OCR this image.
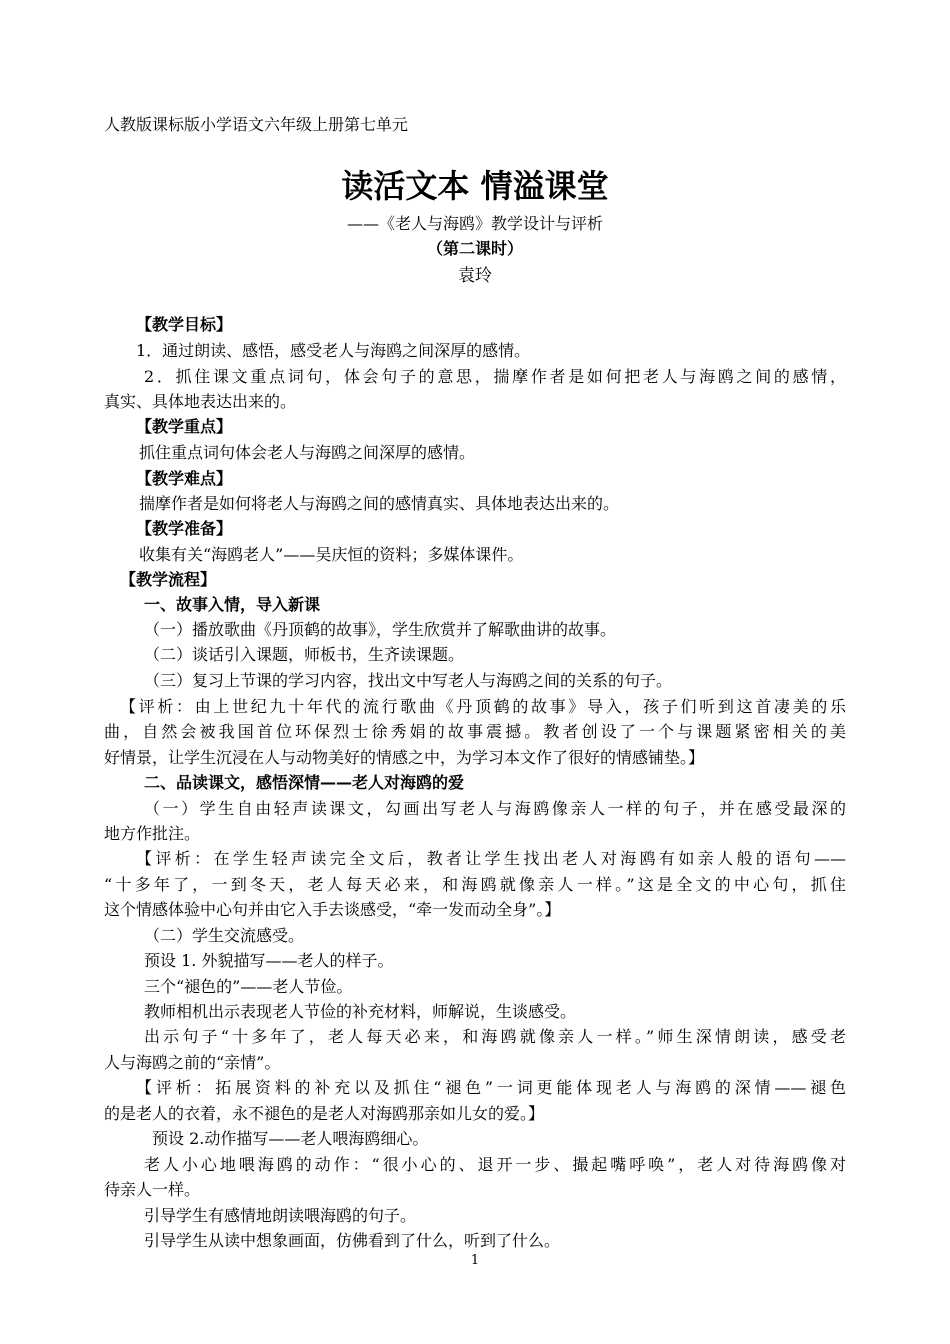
人教版课标版小学语文六年级上册第七单元
读活文本 情溢课堂
——《老人与海鸥》教学设计与评析
（第二课时）
袁玲
【教学目标】
1．通过朗读、感悟，感受老人与海鸥之间深厚的感情。
2．抓住课文重点词句，体会句子的意思，揣摩作者是如何把老人与海鸥之间的感情，
真实、具体地表达出来的。
【教学重点】
抓住重点词句体会老人与海鸥之间深厚的感情。
【教学难点】
揣摩作者是如何将老人与海鸥之间的感情真实、具体地表达出来的。
【教学准备】
收集有关“海鸥老人”——吴庆恒的资料；多媒体课件。
【教学流程】
一、故事入情，导入新课
（一）播放歌曲《丹顶鹤的故事》，学生欣赏并了解歌曲讲的故事。
（二）谈话引入课题，师板书，生齐读课题。
（三）复习上节课的学习内容，找出文中写老人与海鸥之间的关系的句子。
【评析：由上世纪九十年代的流行歌曲《丹顶鹤的故事》导入，孩子们听到这首凄美的乐
曲，自然会被我国首位环保烈士徐秀娟的故事震撼。教者创设了一个与课题紧密相关的美
好情景，让学生沉浸在人与动物美好的情感之中，为学习本文作了很好的情感铺垫。】
二、品读课文，感悟深情——老人对海鸥的爱
（一）学生自由轻声读课文，勾画出写老人与海鸥像亲人一样的句子，并在感受最深的
地方作批注。
【评析：在学生轻声读完全文后，教者让学生找出老人对海鸥有如亲人般的语句——
“十多年了，一到冬天，老人每天必来，和海鸥就像亲人一样。”这是全文的中心句，抓住
这个情感体验中心句并由它入手去谈感受，“牵一发而动全身”。】
（二）学生交流感受。
预设 1. 外貌描写——老人的样子。
三个“褪色的”——老人节俭。
教师相机出示表现老人节俭的补充材料，师解说，生谈感受。
出示句子“十多年了，老人每天必来，和海鸥就像亲人一样。”师生深情朗读，感受老
人与海鸥之前的“亲情”。
【评析：拓展资料的补充以及抓住“褪色”一词更能体现老人与海鸥的深情——褪色
的是老人的衣着，永不褪色的是老人对海鸥那亲如儿女的爱。】
预设 2.动作描写——老人喂海鸥细心。
老人小心地喂海鸥的动作：“很小心的、退开一步、撮起嘴呼唤”，老人对待海鸥像对
待亲人一样。
引导学生有感情地朗读喂海鸥的句子。
引导学生从读中想象画面，仿佛看到了什么，听到了什么。
1
